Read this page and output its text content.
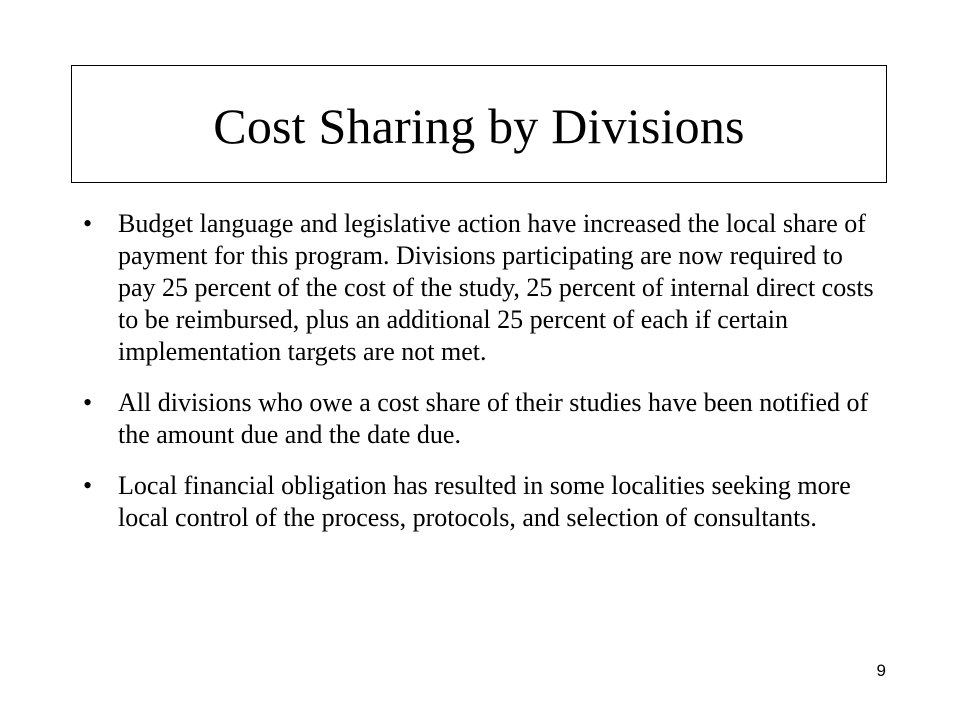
Cost Sharing by Divisions
• Budget language and legislative action have increased the local share of payment for this program. Divisions participating are now required to pay 25 percent of the cost of the study, 25 percent of internal direct costs to be reimbursed, plus an additional 25 percent of each if certain implementation targets are not met.
• All divisions who owe a cost share of their studies have been notified of the amount due and the date due.
• Local financial obligation has resulted in some localities seeking more local control of the process, protocols, and selection of consultants.
9
